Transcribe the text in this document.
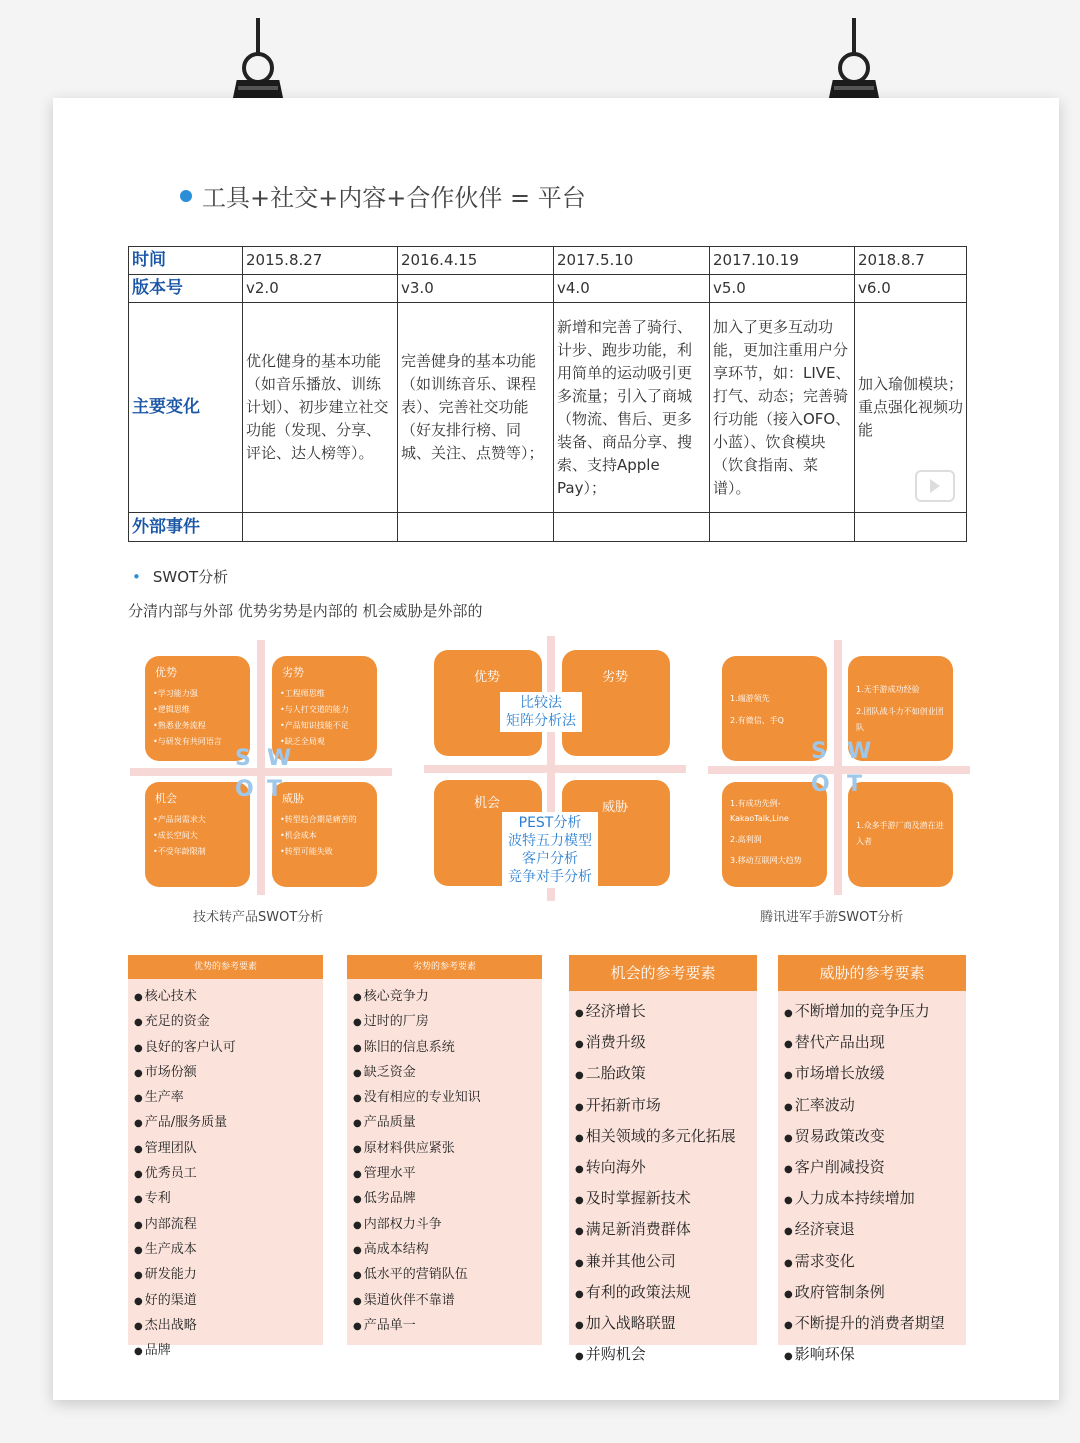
工具+社交+内容+合作伙伴 = 平台
时间	2015.8.27	2016.4.15	2017.5.10	2017.10.19	2018.8.7
版本号	v2.0	v3.0	v4.0	v5.0	v6.0
主要变化	优化健身的基本功能（如音乐播放、训练计划）、初步建立社交功能（发现、分享、评论、达人榜等）。	完善健身的基本功能（如训练音乐、课程表）、完善社交功能（好友排行榜、同城、关注、点赞等）；	新增和完善了骑行、计步、跑步功能，利用简单的运动吸引更多流量；引入了商城（物流、售后、更多装备、商品分享、搜索、支持Apple Pay）；	加入了更多互动功能，更加注重用户分享环节，如：LIVE、打气、动态；完善骑行功能（接入OFO、小蓝）、饮食模块（饮食指南、菜谱）。	加入瑜伽模块；重点强化视频功能
外部事件					
• SWOT分析
分清内部与外部 优势劣势是内部的 机会威胁是外部的
优势
•学习能力强
•逻辑思维
•熟悉业务流程
•与研发有共同语言
劣势
•工程师思维
•与人打交道的能力
•产品知识技能不足
•缺乏全局观
机会
•产品岗需求大
•成长空间大
•不受年龄限制
威胁
•转型趋合期是痛苦的
•机会成本
•转型可能失败
S W
O T
技术转产品SWOT分析
优势	劣势
机会	威胁
比较法
矩阵分析法
PEST分析
波特五力模型
客户分析
竞争对手分析
1.端游领先
2.有微信、手Q
1.无手游成功经验
2.团队战斗力不如创业团队
1.有成功先例-KakaoTalk,Line
2.高利润
3.移动互联网大趋势
1.众多手游厂商及潜在进入者
S W
O T
腾讯进军手游SWOT分析
优势的参考要素
● 核心技术
● 充足的资金
● 良好的客户认可
● 市场份额
● 生产率
● 产品/服务质量
● 管理团队
● 优秀员工
● 专利
● 内部流程
● 生产成本
● 研发能力
● 好的渠道
● 杰出战略
● 品牌
劣势的参考要素
● 核心竞争力
● 过时的厂房
● 陈旧的信息系统
● 缺乏资金
● 没有相应的专业知识
● 产品质量
● 原材料供应紧张
● 管理水平
● 低劣品牌
● 内部权力斗争
● 高成本结构
● 低水平的营销队伍
● 渠道伙伴不靠谱
● 产品单一
机会的参考要素
● 经济增长
● 消费升级
● 二胎政策
● 开拓新市场
● 相关领域的多元化拓展
● 转向海外
● 及时掌握新技术
● 满足新消费群体
● 兼并其他公司
● 有利的政策法规
● 加入战略联盟
● 并购机会
威胁的参考要素
● 不断增加的竞争压力
● 替代产品出现
● 市场增长放缓
● 汇率波动
● 贸易政策改变
● 客户削减投资
● 人力成本持续增加
● 经济衰退
● 需求变化
● 政府管制条例
● 不断提升的消费者期望
● 影响环保
